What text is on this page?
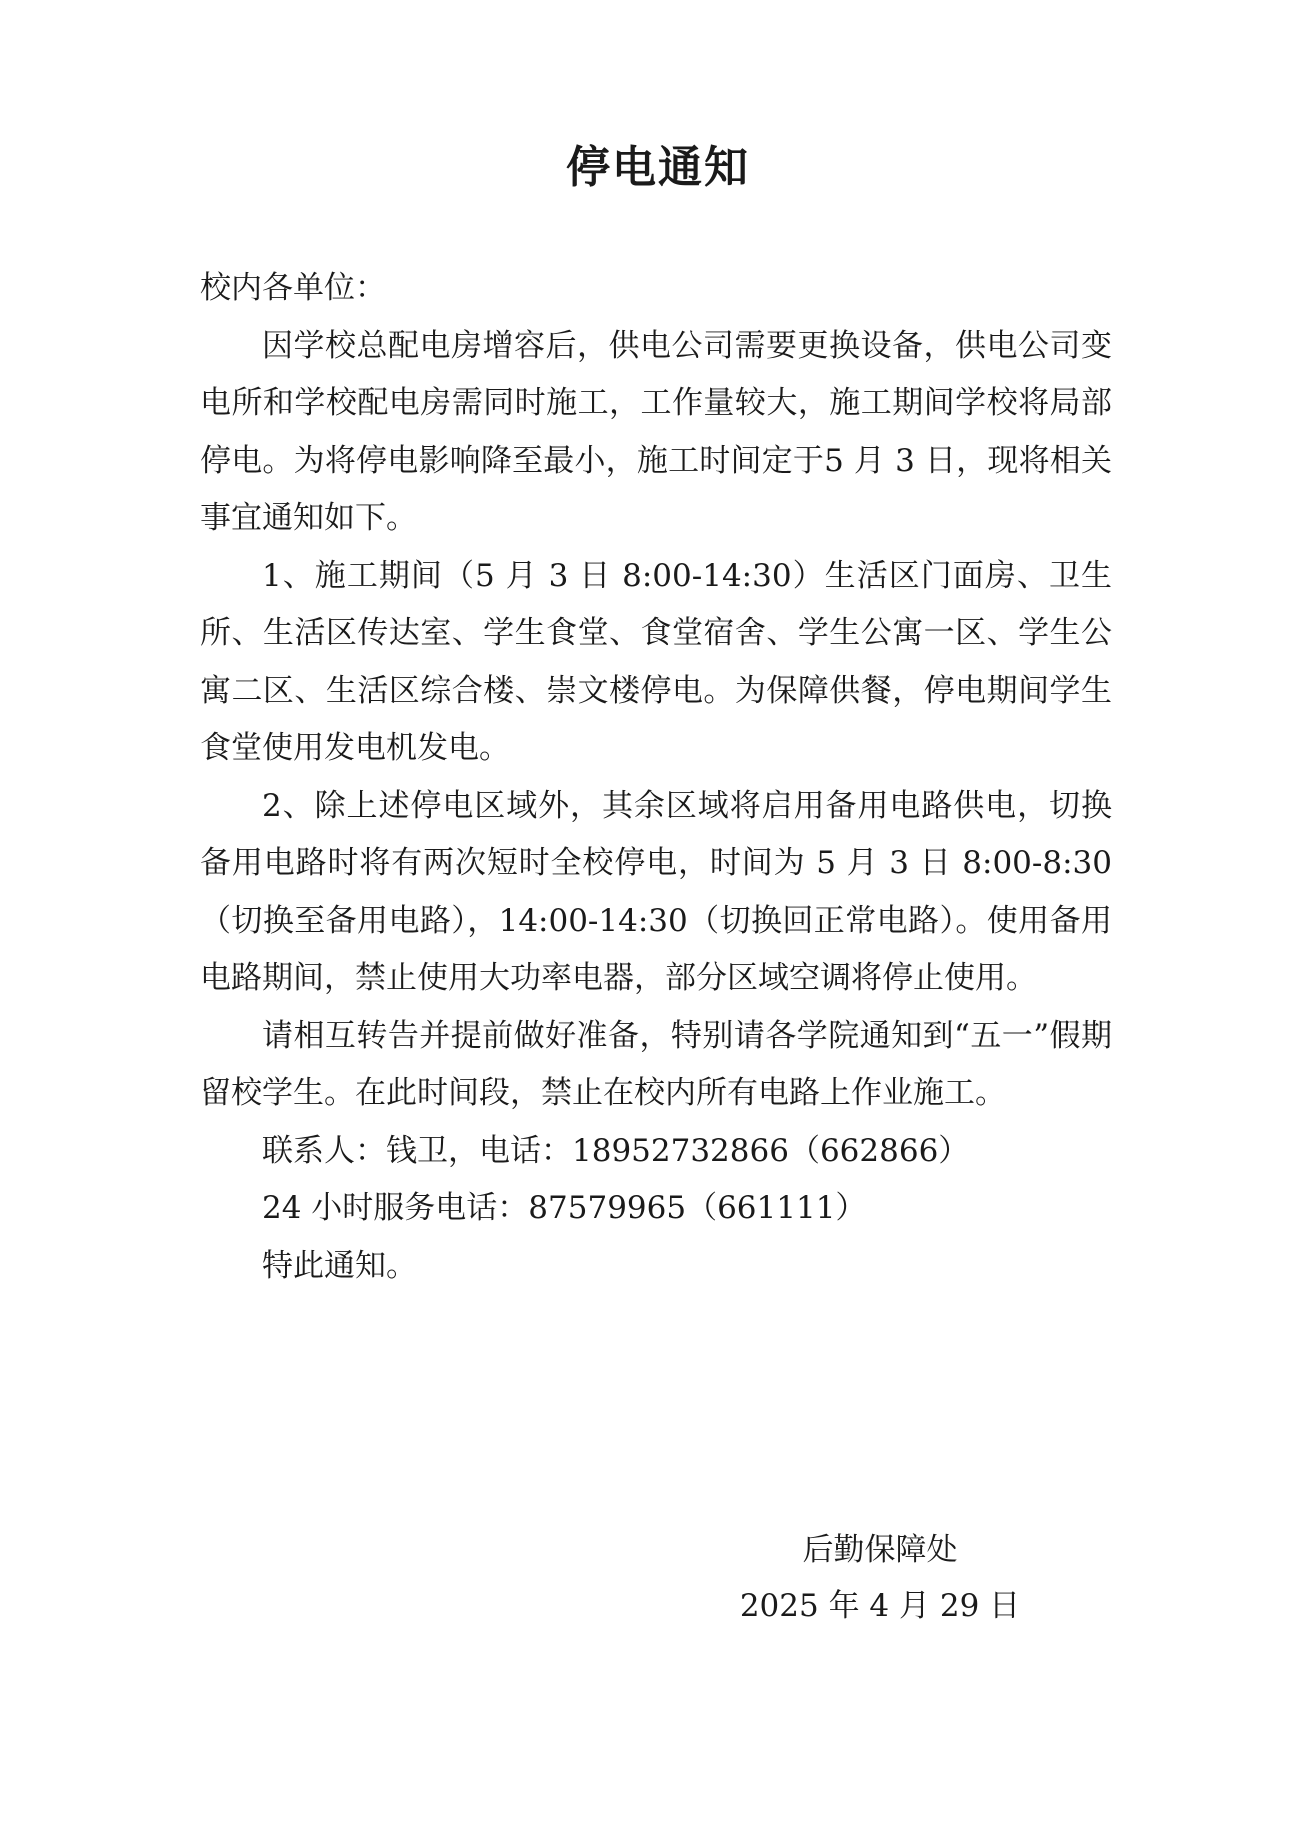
停电通知

校内各单位：

因学校总配电房增容后，供电公司需要更换设备，供电公司变电所和学校配电房需同时施工，工作量较大，施工期间学校将局部停电。为将停电影响降至最小，施工时间定于5 月 3 日，现将相关事宜通知如下。

1、施工期间（5 月 3 日 8:00-14:30）生活区门面房、卫生所、生活区传达室、学生食堂、食堂宿舍、学生公寓一区、学生公寓二区、生活区综合楼、崇文楼停电。为保障供餐，停电期间学生食堂使用发电机发电。

2、除上述停电区域外，其余区域将启用备用电路供电，切换备用电路时将有两次短时全校停电，时间为 5 月 3 日 8:00-8:30（切换至备用电路），14:00-14:30（切换回正常电路）。使用备用电路期间，禁止使用大功率电器，部分区域空调将停止使用。

请相互转告并提前做好准备，特别请各学院通知到“五一”假期留校学生。在此时间段，禁止在校内所有电路上作业施工。

联系人：钱卫，电话：18952732866（662866）

24 小时服务电话：87579965（661111）

特此通知。

后勤保障处
2025 年 4 月 29 日
